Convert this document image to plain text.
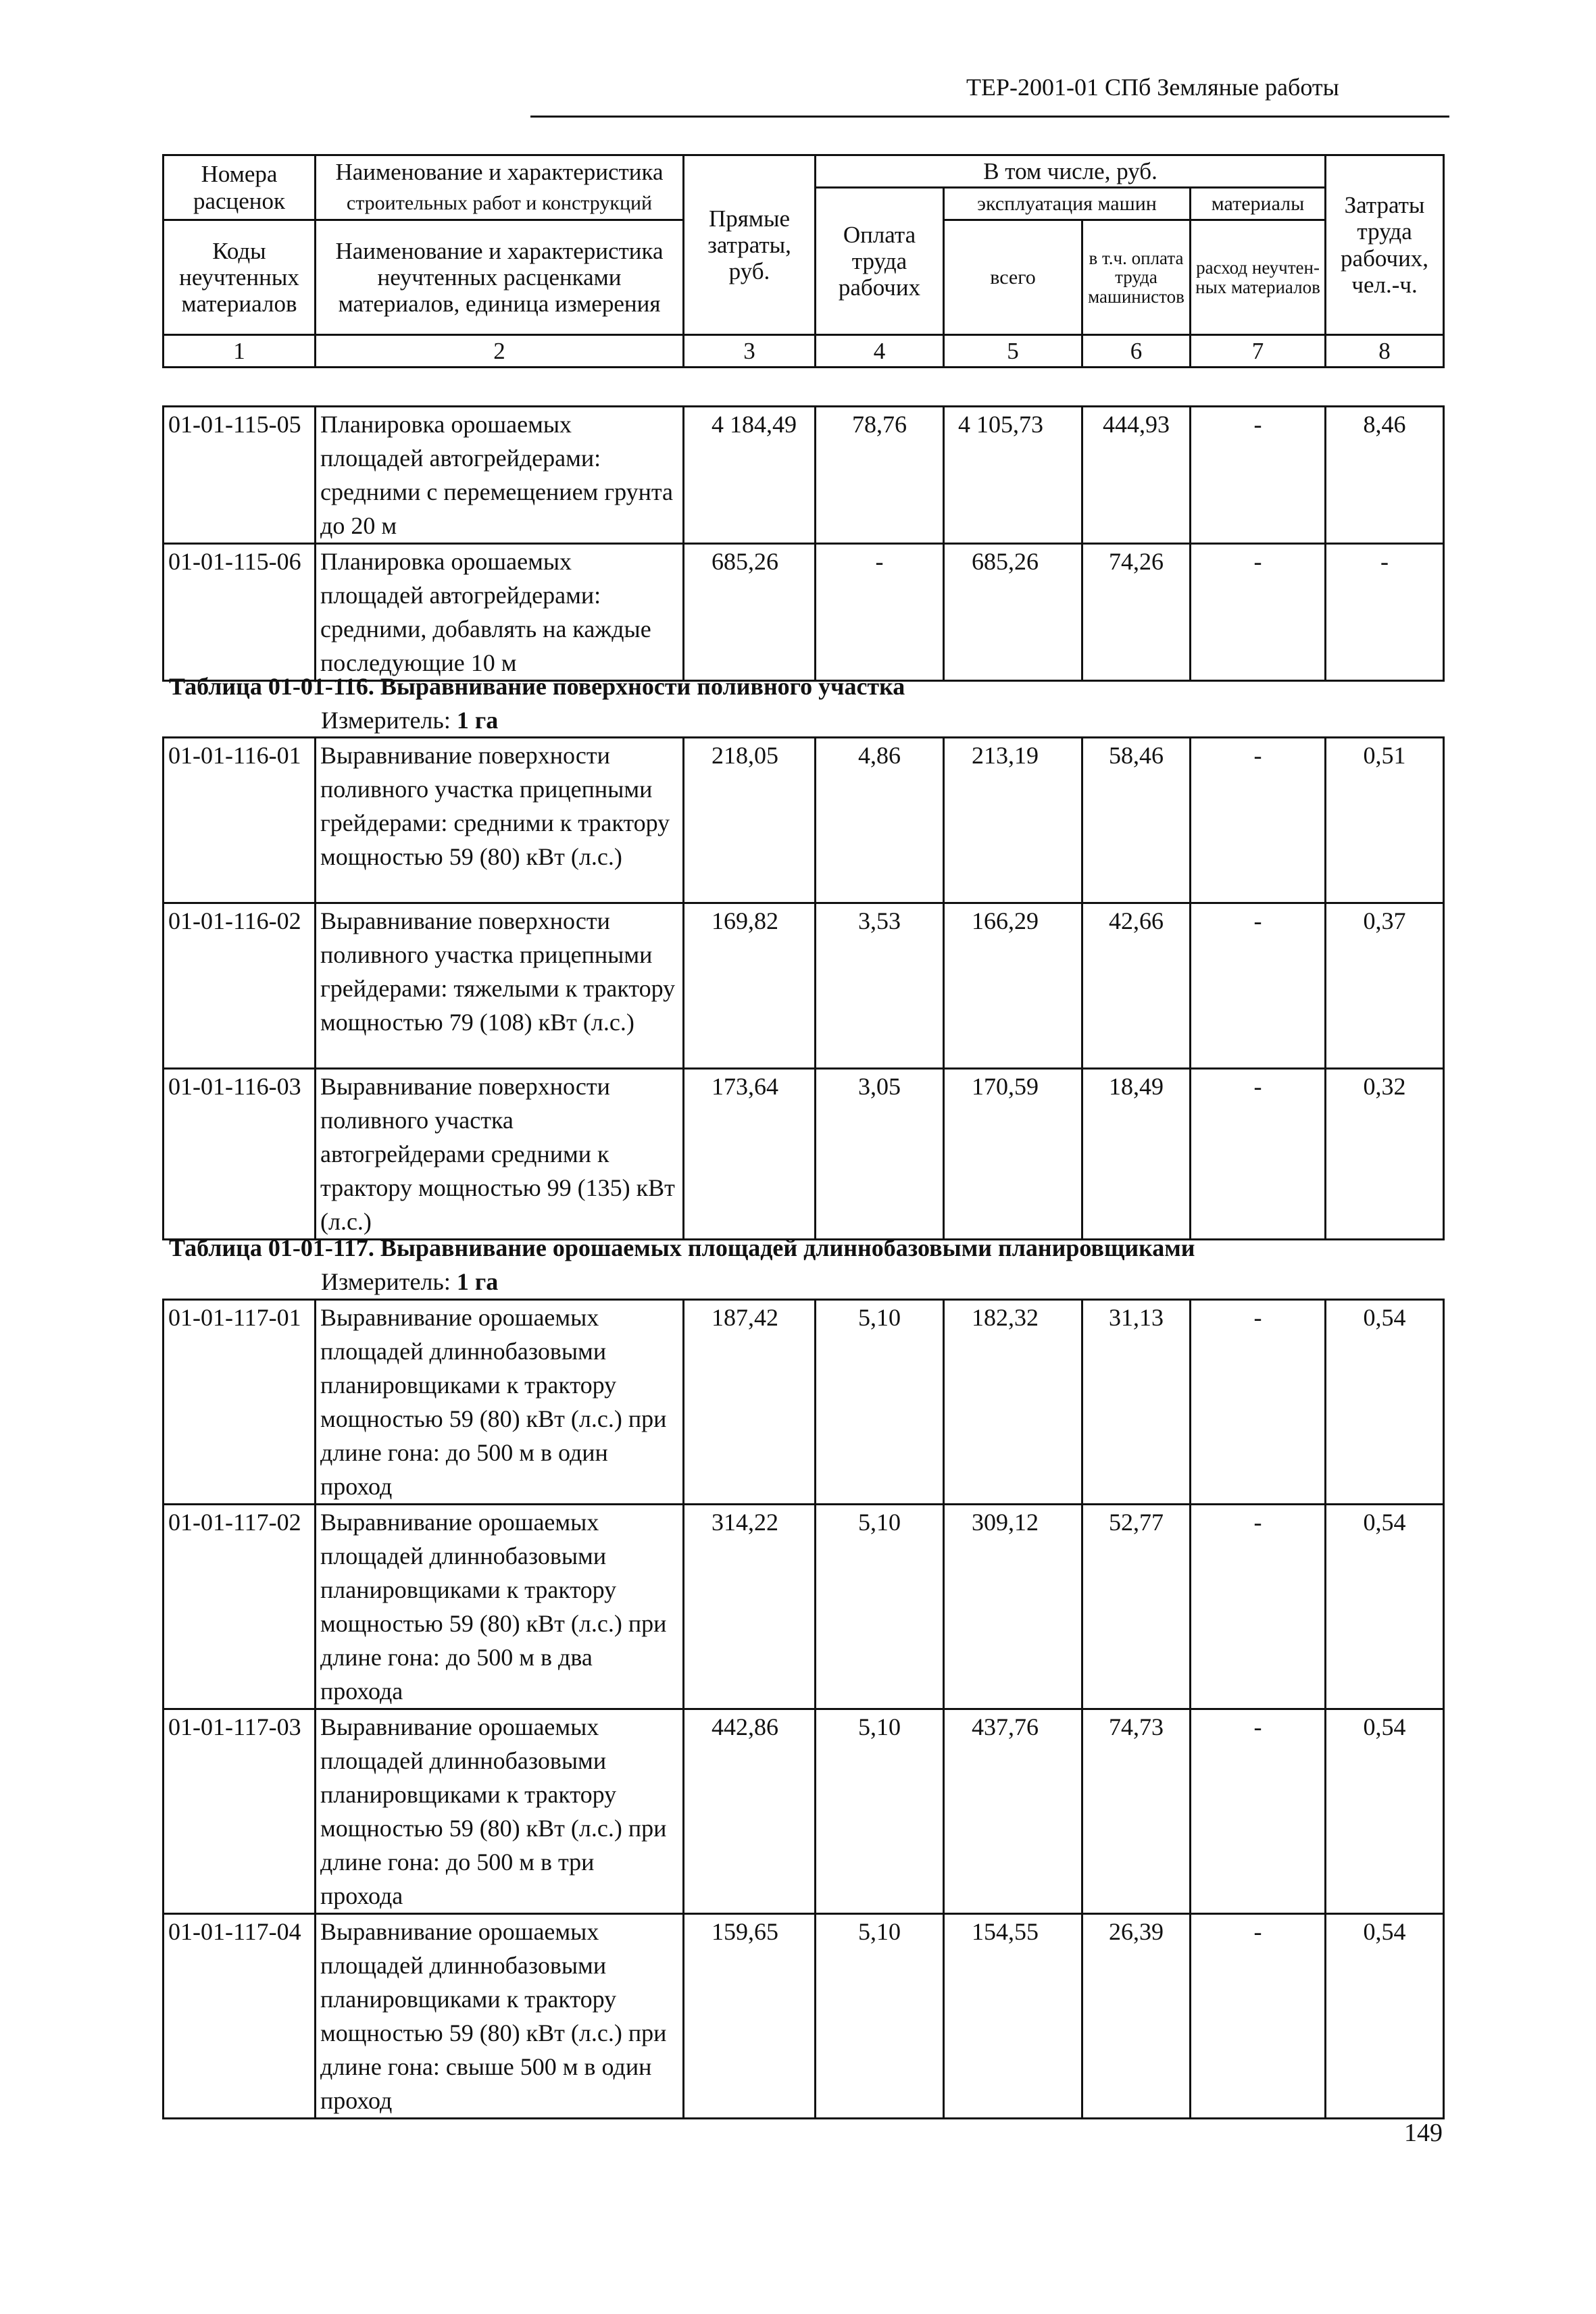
ТЕР-2001-01 СПб Земляные работы
Номера расценок	Наименование и характеристика	Прямые затраты, руб.	В том числе, руб.				Затраты труда рабочих, чел.-ч.
	строительных работ и конструкций		Оплата труда рабочих	эксплуатация машин		материалы	
Коды неучтенных материалов	Наименование и характеристика неучтенных расценками материалов, единица измерения			всего	в т.ч. оплата труда машинистов	расход неучтен-ных материалов	

1	2	3	4	5	6	7	8
01-01-115-05	Планировка орошаемых площадей автогрейдерами: средними с перемещением грунта до 20 м	4 184,49	78,76	4 105,73	444,93	-	8,46
01-01-115-06	Планировка орошаемых площадей автогрейдерами: средними, добавлять на каждые последующие 10 м	685,26	-	685,26	74,26	-	-
Таблица 01-01-116. Выравнивание поверхности поливного участка
Измеритель: 1 га
01-01-116-01	Выравнивание поверхности поливного участка прицепными грейдерами: средними к трактору мощностью 59 (80) кВт (л.с.)	218,05	4,86	213,19	58,46	-	0,51
01-01-116-02	Выравнивание поверхности поливного участка прицепными грейдерами: тяжелыми к трактору мощностью 79 (108) кВт (л.с.)	169,82	3,53	166,29	42,66	-	0,37
01-01-116-03	Выравнивание поверхности поливного участка автогрейдерами средними к трактору мощностью 99 (135) кВт (л.с.)	173,64	3,05	170,59	18,49	-	0,32
Таблица 01-01-117. Выравнивание орошаемых площадей длиннобазовыми планировщиками
Измеритель: 1 га
01-01-117-01	Выравнивание орошаемых площадей длиннобазовыми планировщиками к трактору мощностью 59 (80) кВт (л.с.) при длине гона: до 500 м в один проход	187,42	5,10	182,32	31,13	-	0,54
01-01-117-02	Выравнивание орошаемых площадей длиннобазовыми планировщиками к трактору мощностью 59 (80) кВт (л.с.) при длине гона: до 500 м в два прохода	314,22	5,10	309,12	52,77	-	0,54
01-01-117-03	Выравнивание орошаемых площадей длиннобазовыми планировщиками к трактору мощностью 59 (80) кВт (л.с.) при длине гона: до 500 м в три прохода	442,86	5,10	437,76	74,73	-	0,54
01-01-117-04	Выравнивание орошаемых площадей длиннобазовыми планировщиками к трактору мощностью 59 (80) кВт (л.с.) при длине гона: свыше 500 м в один проход	159,65	5,10	154,55	26,39	-	0,54
149
